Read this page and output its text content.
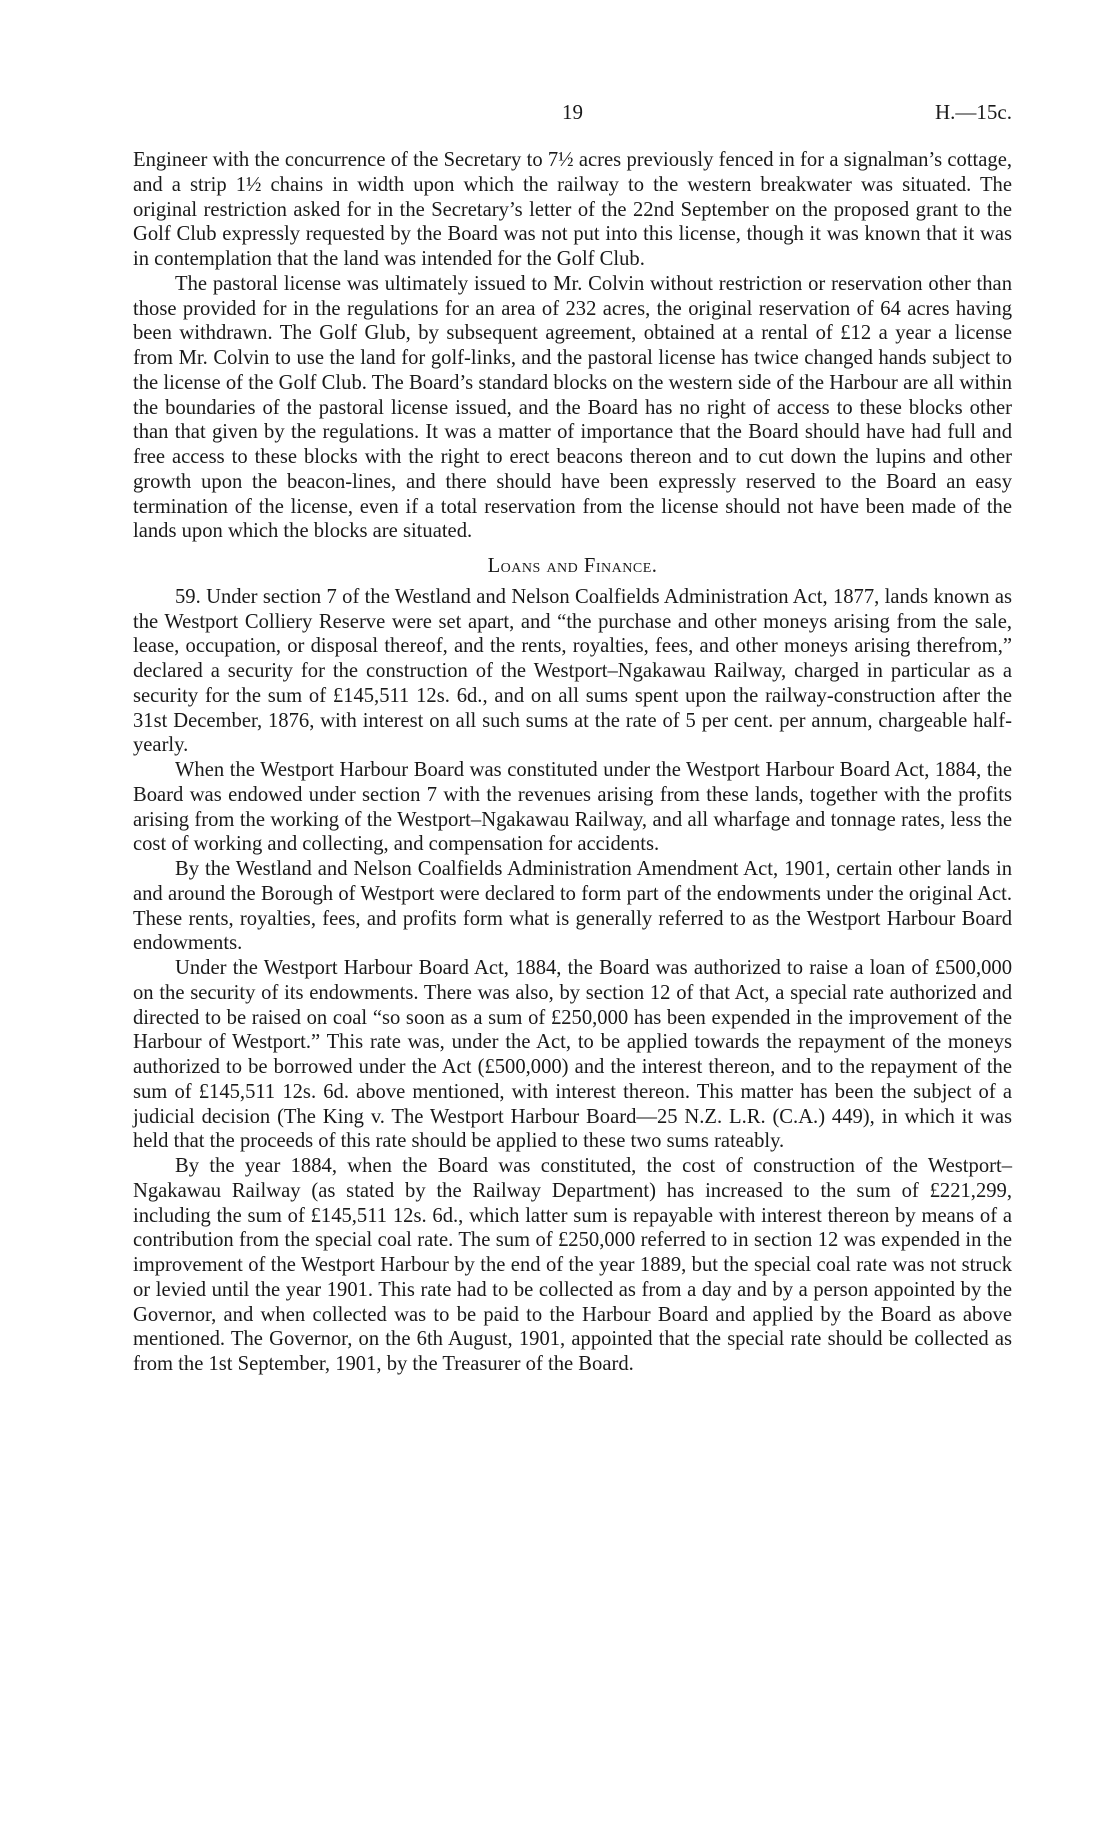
19	H.—15c.

Engineer with the concurrence of the Secretary to 7½ acres previously fenced in for a signalman’s cottage, and a strip 1½ chains in width upon which the railway to the western breakwater was situated. The original restriction asked for in the Secretary’s letter of the 22nd September on the proposed grant to the Golf Club expressly requested by the Board was not put into this license, though it was known that it was in contemplation that the land was intended for the Golf Club.

The pastoral license was ultimately issued to Mr. Colvin without restriction or reservation other than those provided for in the regulations for an area of 232 acres, the original reservation of 64 acres having been withdrawn. The Golf Glub, by subsequent agreement, obtained at a rental of £12 a year a license from Mr. Colvin to use the land for golf-links, and the pastoral license has twice changed hands subject to the license of the Golf Club. The Board’s standard blocks on the western side of the Harbour are all within the boundaries of the pastoral license issued, and the Board has no right of access to these blocks other than that given by the regulations. It was a matter of importance that the Board should have had full and free access to these blocks with the right to erect beacons thereon and to cut down the lupins and other growth upon the beacon-lines, and there should have been expressly reserved to the Board an easy termination of the license, even if a total reservation from the license should not have been made of the lands upon which the blocks are situated.

Loans and Finance.

59. Under section 7 of the Westland and Nelson Coalfields Administration Act, 1877, lands known as the Westport Colliery Reserve were set apart, and “the purchase and other moneys arising from the sale, lease, occupation, or disposal thereof, and the rents, royalties, fees, and other moneys arising therefrom,” declared a security for the construction of the Westport–Ngakawau Railway, charged in particular as a security for the sum of £145,511 12s. 6d., and on all sums spent upon the railway-construction after the 31st December, 1876, with interest on all such sums at the rate of 5 per cent. per annum, chargeable half-yearly.

When the Westport Harbour Board was constituted under the Westport Harbour Board Act, 1884, the Board was endowed under section 7 with the revenues arising from these lands, together with the profits arising from the working of the Westport–Ngakawau Railway, and all wharfage and tonnage rates, less the cost of working and collecting, and compensation for accidents.

By the Westland and Nelson Coalfields Administration Amendment Act, 1901, certain other lands in and around the Borough of Westport were declared to form part of the endowments under the original Act. These rents, royalties, fees, and profits form what is generally referred to as the Westport Harbour Board endowments.

Under the Westport Harbour Board Act, 1884, the Board was authorized to raise a loan of £500,000 on the security of its endowments. There was also, by section 12 of that Act, a special rate authorized and directed to be raised on coal “so soon as a sum of £250,000 has been expended in the improvement of the Harbour of Westport.” This rate was, under the Act, to be applied towards the repayment of the moneys authorized to be borrowed under the Act (£500,000) and the interest thereon, and to the repayment of the sum of £145,511 12s. 6d. above mentioned, with interest thereon. This matter has been the subject of a judicial decision (The King v. The Westport Harbour Board—25 N.Z. L.R. (C.A.) 449), in which it was held that the proceeds of this rate should be applied to these two sums rateably.

By the year 1884, when the Board was constituted, the cost of construction of the Westport–Ngakawau Railway (as stated by the Railway Department) has increased to the sum of £221,299, including the sum of £145,511 12s. 6d., which latter sum is repayable with interest thereon by means of a contribution from the special coal rate. The sum of £250,000 referred to in section 12 was expended in the improvement of the Westport Harbour by the end of the year 1889, but the special coal rate was not struck or levied until the year 1901. This rate had to be collected as from a day and by a person appointed by the Governor, and when collected was to be paid to the Harbour Board and applied by the Board as above mentioned. The Governor, on the 6th August, 1901, appointed that the special rate should be collected as from the 1st September, 1901, by the Treasurer of the Board.
